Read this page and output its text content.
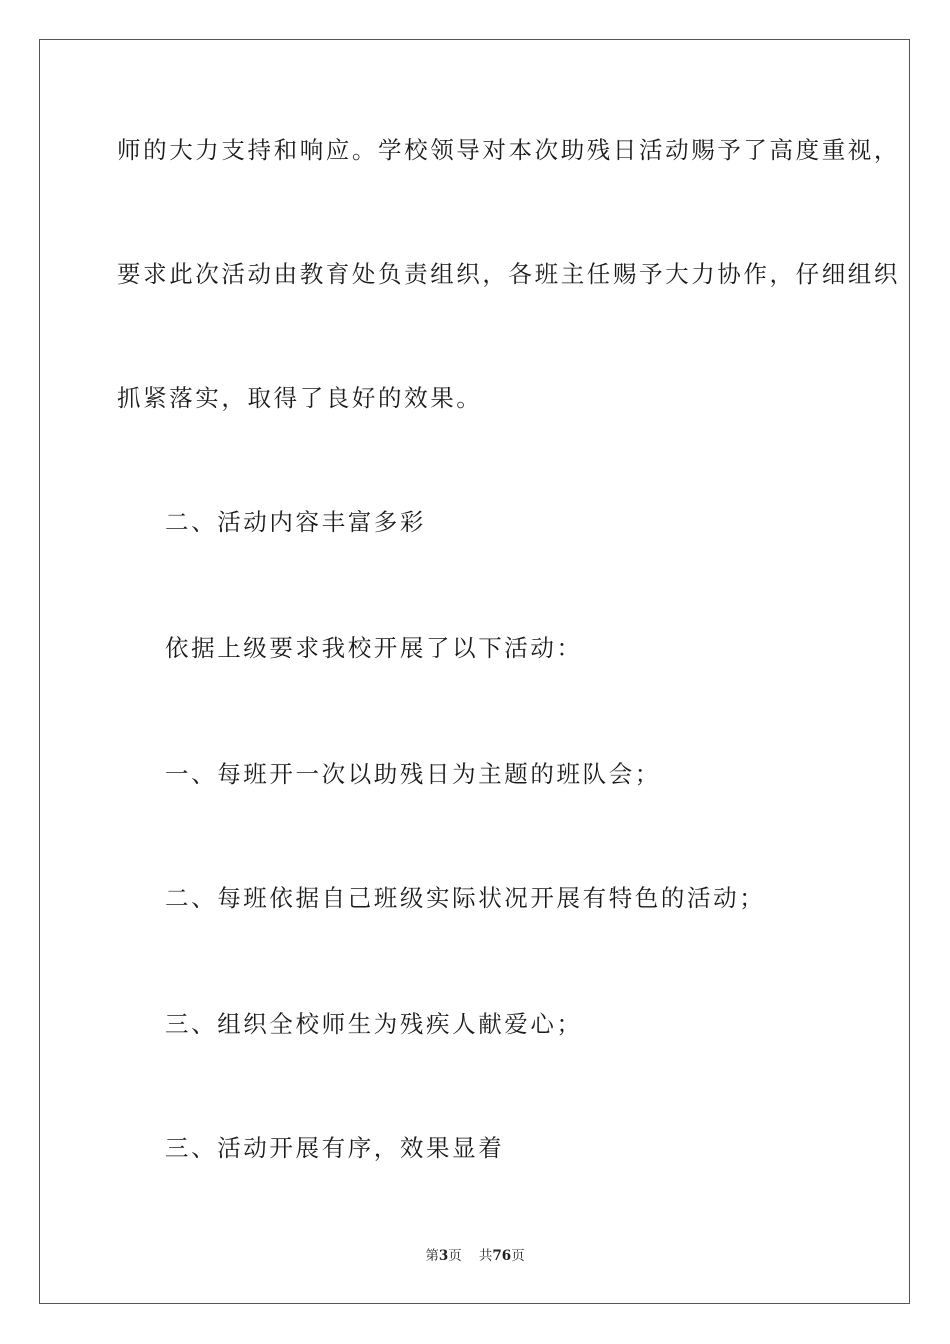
师的大力支持和响应。学校领导对本次助残日活动赐予了高度重视，

要求此次活动由教育处负责组织，各班主任赐予大力协作，仔细组织

抓紧落实，取得了良好的效果。

二、活动内容丰富多彩

依据上级要求我校开展了以下活动：

一、每班开一次以助残日为主题的班队会；

二、每班依据自己班级实际状况开展有特色的活动；

三、组织全校师生为残疾人献爱心；

三、活动开展有序，效果显着

第3页 共76页
